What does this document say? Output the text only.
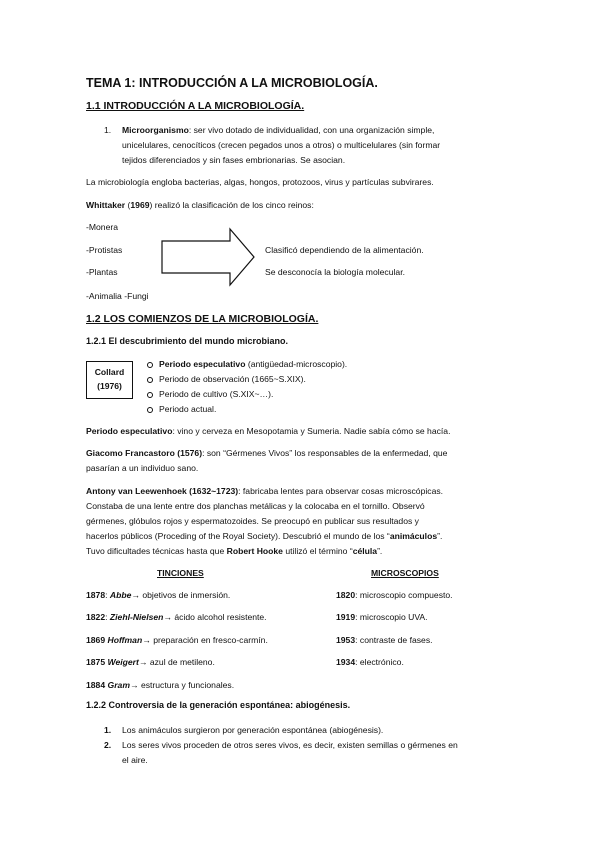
TEMA 1: INTRODUCCIÓN A LA MICROBIOLOGÍA.
1.1 INTRODUCCIÓN A LA MICROBIOLOGÍA.
1. Microorganismo: ser vivo dotado de individualidad, con una organización simple,
unicelulares, cenocíticos (crecen pegados unos a otros) o multicelulares (sin formar
tejidos diferenciados y sin fases embrionarias. Se asocian.
La microbiología engloba bacterias, algas, hongos, protozoos, virus y partículas subvirares.
Whittaker (1969) realizó la clasificación de los cinco reinos:
-Monera
-Protistas
-Plantas
-Animalia -Fungi
Clasificó dependiendo de la alimentación.
Se desconocía la biología molecular.
1.2 LOS COMIENZOS DE LA MICROBIOLOGÍA.
1.2.1 El descubrimiento del mundo microbiano.
Collard
(1976)
Periodo especulativo (antigüedad-microscopio).
Periodo de observación (1665~S.XIX).
Periodo de cultivo (S.XIX~…).
Periodo actual.
Periodo especulativo: vino y cerveza en Mesopotamia y Sumeria. Nadie sabía cómo se hacía.
Giacomo Francastoro (1576): son “Gérmenes Vivos” los responsables de la enfermedad, que
pasarían a un individuo sano.
Antony van Leewenhoek (1632~1723): fabricaba lentes para observar cosas microscópicas.
Constaba de una lente entre dos planchas metálicas y la colocaba en el tornillo. Observó
gérmenes, glóbulos rojos y espermatozoides. Se preocupó en publicar sus resultados y
hacerlos públicos (Proceding of the Royal Society). Descubrió el mundo de los “animáculos”.
Tuvo dificultades técnicas hasta que Robert Hooke utilizó el término “célula”.
TINCIONES	MICROSCOPIOS
1878: Abbe→ objetivos de inmersión.
1822: Ziehl-Nielsen→ ácido alcohol resistente.
1869 Hoffman→ preparación en fresco-carmín.
1875 Weigert→ azul de metileno.
1884 Gram→ estructura y funcionales.
1820: microscopio compuesto.
1919: microscopio UVA.
1953: contraste de fases.
1934: electrónico.
1.2.2 Controversia de la generación espontánea: abiogénesis.
1. Los animáculos surgieron por generación espontánea (abiogénesis).
2. Los seres vivos proceden de otros seres vivos, es decir, existen semillas o gérmenes en
el aire.
